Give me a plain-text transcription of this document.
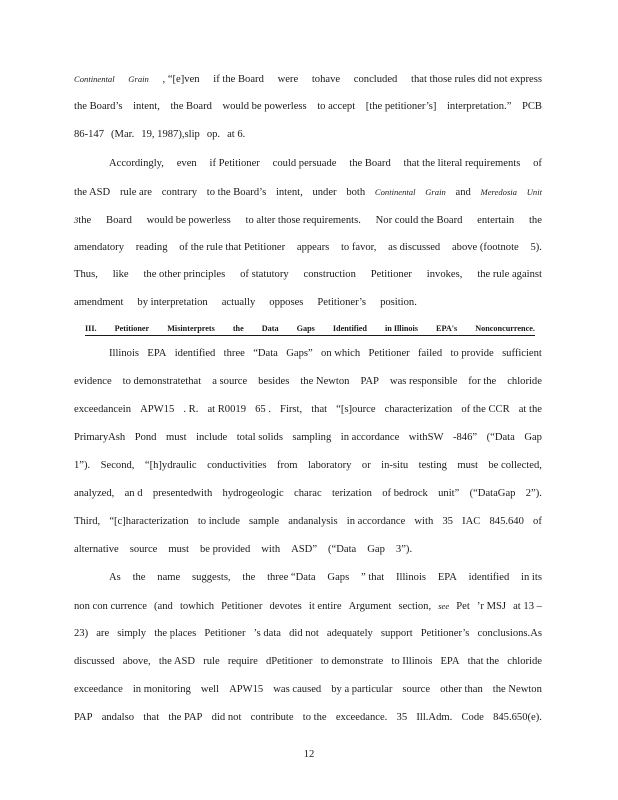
Continental Grain , “[e]ven if the Board were tohave concluded that those rules did not express
the Board’s intent, the Board would be powerless to accept [the petitioner’s] interpretation.” PCB
86-147 (Mar. 19, 1987),slip op. at 6.
Accordingly, even if Petitioner could persuade the Board that the literal requirements of
the ASD rule are contrary to the Board’s intent, under both Continental Grain and Meredosia Unit
3the Board would be powerless to alter those requirements. Nor could the Board entertain the
amendatory reading of the rule that Petitioner appears to favor, as discussed above (footnote 5).
Thus, like the other principles of statutory construction Petitioner invokes, the rule against
amendment by interpretation actually opposes Petitioner’s position.
III. Petitioner Misinterprets the Data Gaps Identified in Illinois EPA's Nonconcurrence.
Illinois EPA identified three “Data Gaps” on which Petitioner failed to provide sufficient
evidence to demonstratethat a source besides the Newton PAP was responsible for the chloride
exceedancein APW15 . R. at R0019 65 . First, that “[s]ource characterization of the CCR at the
PrimaryAsh Pond must include total solids sampling in accordance withSW -846” (“Data Gap
1”). Second, “[h]ydraulic conductivities from laboratory or in-situ testing must be collected,
analyzed, an d presentedwith hydrogeologic charac terization of bedrock unit” (“DataGap 2”).
Third, “[c]haracterization to include sample andanalysis in accordance with 35 IAC 845.640 of
alternative source must be provided with ASD” (“Data Gap 3”).
As the name suggests, the three “Data Gaps ” that Illinois EPA identified in its
non con currence (and towhich Petitioner devotes it entire Argument section, see Pet ’r MSJ at 13 –
23) are simply the places Petitioner ’s data did not adequately support Petitioner’s conclusions.As
discussed above, the ASD rule require dPetitioner to demonstrate to Illinois EPA that the chloride
exceedance in monitoring well APW15 was caused by a particular source other than the Newton
PAP andalso that the PAP did not contribute to the exceedance. 35 Ill.Adm. Code 845.650(e).
12
